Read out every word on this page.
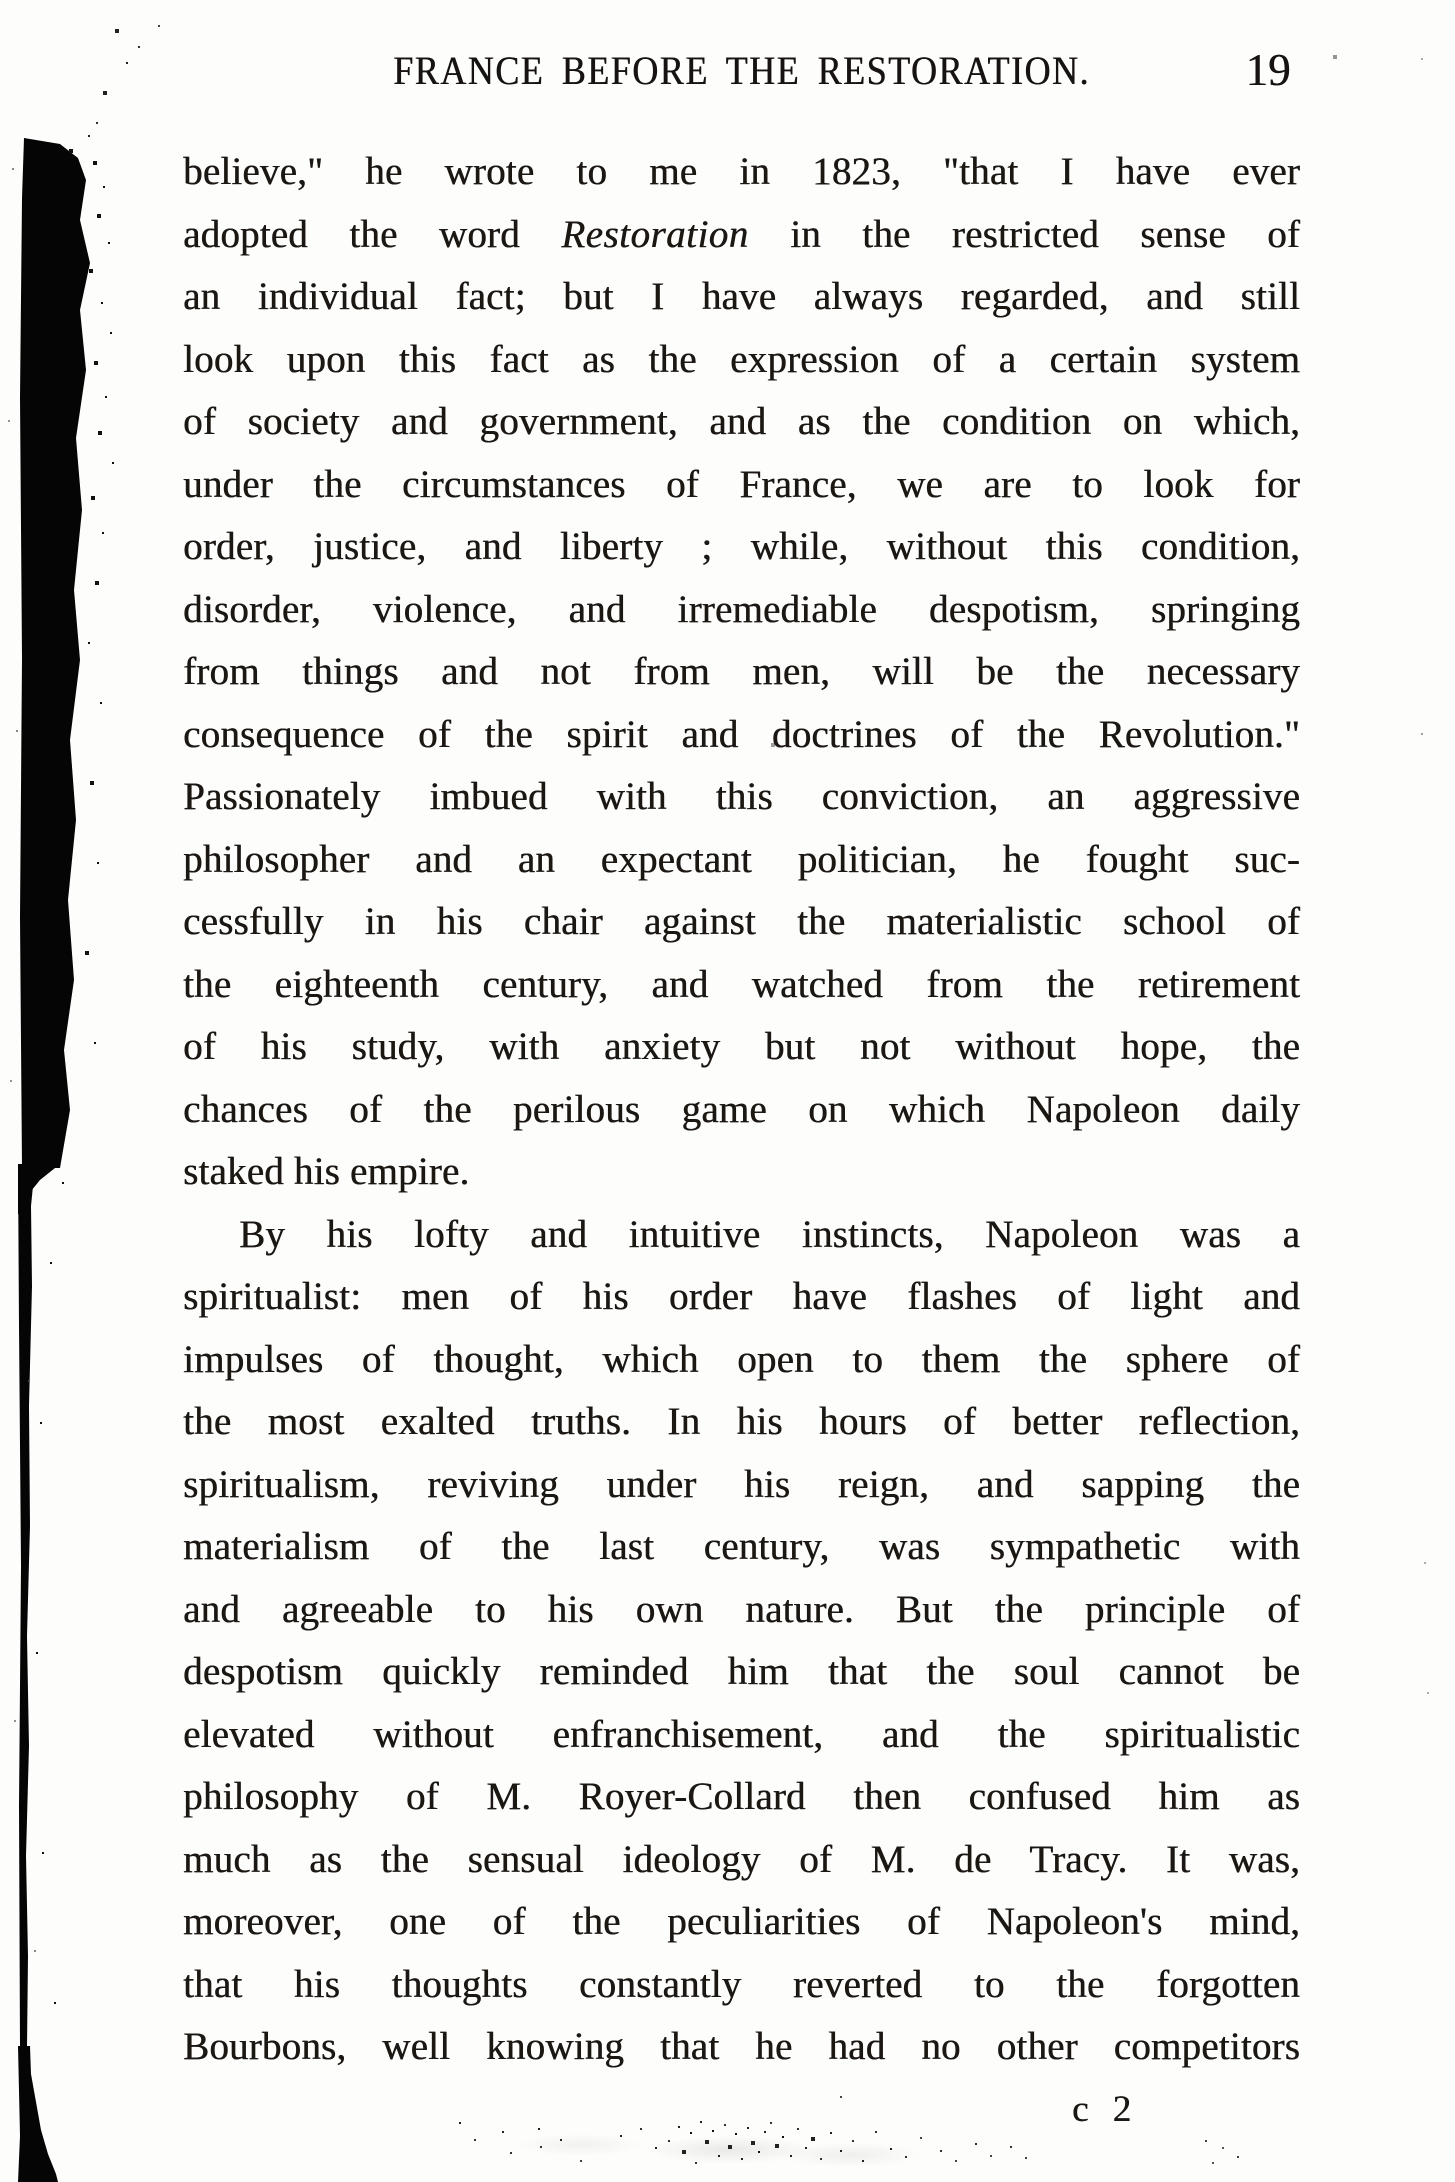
FRANCE BEFORE THE RESTORATION.	19
believe," he wrote to me in 1823, "that I have ever
adopted the word Restoration in the restricted sense of
an individual fact; but I have always regarded, and still
look upon this fact as the expression of a certain system
of society and government, and as the condition on which,
under the circumstances of France, we are to look for
order, justice, and liberty ; while, without this condition,
disorder, violence, and irremediable despotism, springing
from things and not from men, will be the necessary
consequence of the spirit and doctrines of the Revolution."
Passionately imbued with this conviction, an aggressive
philosopher and an expectant politician, he fought suc-
cessfully in his chair against the materialistic school of
the eighteenth century, and watched from the retirement
of his study, with anxiety but not without hope, the
chances of the perilous game on which Napoleon daily
staked his empire.
By his lofty and intuitive instincts, Napoleon was a
spiritualist: men of his order have flashes of light and
impulses of thought, which open to them the sphere of
the most exalted truths. In his hours of better reflection,
spiritualism, reviving under his reign, and sapping the
materialism of the last century, was sympathetic with
and agreeable to his own nature. But the principle of
despotism quickly reminded him that the soul cannot be
elevated without enfranchisement, and the spiritualistic
philosophy of M. Royer-Collard then confused him as
much as the sensual ideology of M. de Tracy. It was,
moreover, one of the peculiarities of Napoleon's mind,
that his thoughts constantly reverted to the forgotten
Bourbons, well knowing that he had no other competitors
c 2
